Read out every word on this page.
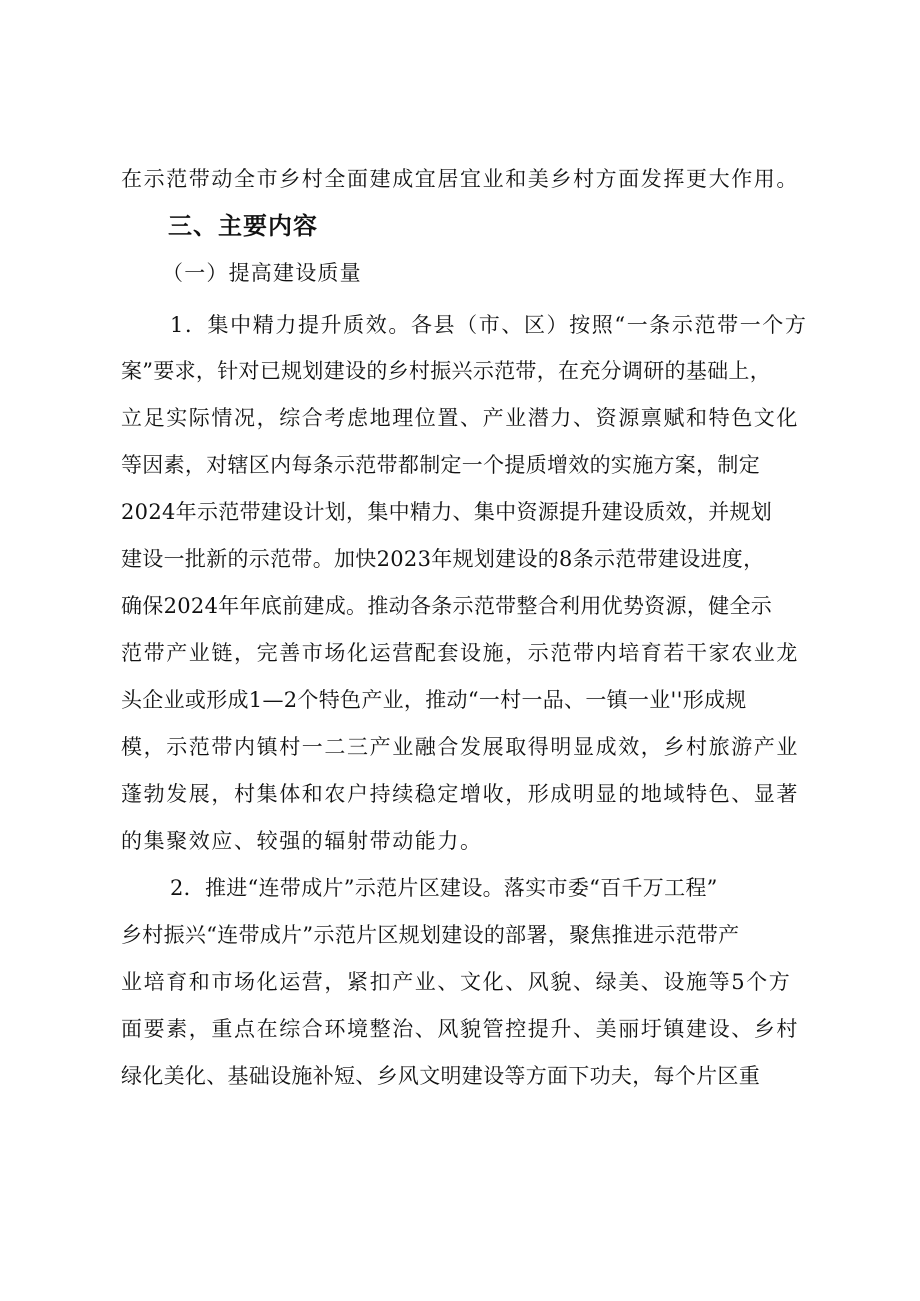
在示范带动全市乡村全面建成宜居宜业和美乡村方面发挥更大作用。

三、主要内容
（一）提高建设质量

1．集中精力提升质效。各县（市、区）按照“一条示范带一个方

案”要求，针对已规划建设的乡村振兴示范带，在充分调研的基础上，

立足实际情况，综合考虑地理位置、产业潜力、资源禀赋和特色文化

等因素，对辖区内每条示范带都制定一个提质增效的实施方案，制定

2024年示范带建设计划，集中精力、集中资源提升建设质效，并规划

建设一批新的示范带。加快2023年规划建设的8条示范带建设进度，

确保2024年年底前建成。推动各条示范带整合利用优势资源，健全示

范带产业链，完善市场化运营配套设施，示范带内培育若干家农业龙

头企业或形成1—2个特色产业，推动“一村一品、一镇一业''形成规

模，示范带内镇村一二三产业融合发展取得明显成效，乡村旅游产业

蓬勃发展，村集体和农户持续稳定增收，形成明显的地域特色、显著

的集聚效应、较强的辐射带动能力。

2．推进“连带成片”示范片区建设。落实市委“百千万工程”

乡村振兴“连带成片”示范片区规划建设的部署，聚焦推进示范带产

业培育和市场化运营，紧扣产业、文化、风貌、绿美、设施等5个方

面要素，重点在综合环境整治、风貌管控提升、美丽圩镇建设、乡村

绿化美化、基础设施补短、乡风文明建设等方面下功夫，每个片区重
